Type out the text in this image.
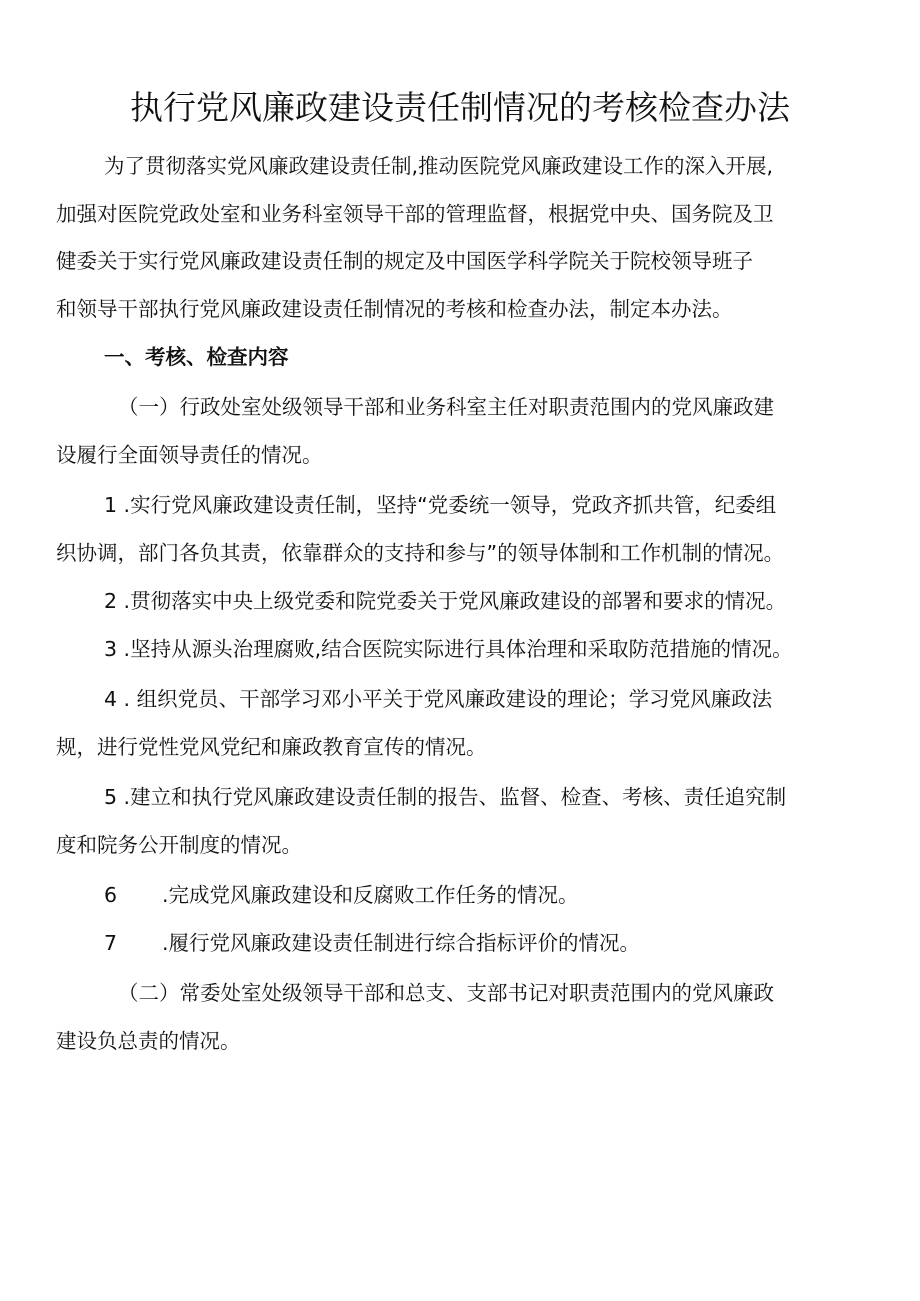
执行党风廉政建设责任制情况的考核检查办法

为了贯彻落实党风廉政建设责任制,推动医院党风廉政建设工作的深入开展,

加强对医院党政处室和业务科室领导干部的管理监督，根据党中央、国务院及卫

健委关于实行党风廉政建设责任制的规定及中国医学科学院关于院校领导班子

和领导干部执行党风廉政建设责任制情况的考核和检查办法，制定本办法。

一、考核、检查内容

（一）行政处室处级领导干部和业务科室主任对职责范围内的党风廉政建

设履行全面领导责任的情况。

1 .实行党风廉政建设责任制，坚持“党委统一领导，党政齐抓共管，纪委组

织协调，部门各负其责，依靠群众的支持和参与”的领导体制和工作机制的情况。

2 .贯彻落实中央上级党委和院党委关于党风廉政建设的部署和要求的情况。

3 .坚持从源头治理腐败,结合医院实际进行具体治理和采取防范措施的情况。

4 . 组织党员、干部学习邓小平关于党风廉政建设的理论；学习党风廉政法

规，进行党性党风党纪和廉政教育宣传的情况。

5 .建立和执行党风廉政建设责任制的报告、监督、检查、考核、责任追究制

度和院务公开制度的情况。

6 .完成党风廉政建设和反腐败工作任务的情况。

7 .履行党风廉政建设责任制进行综合指标评价的情况。

（二）常委处室处级领导干部和总支、支部书记对职责范围内的党风廉政

建设负总责的情况。
